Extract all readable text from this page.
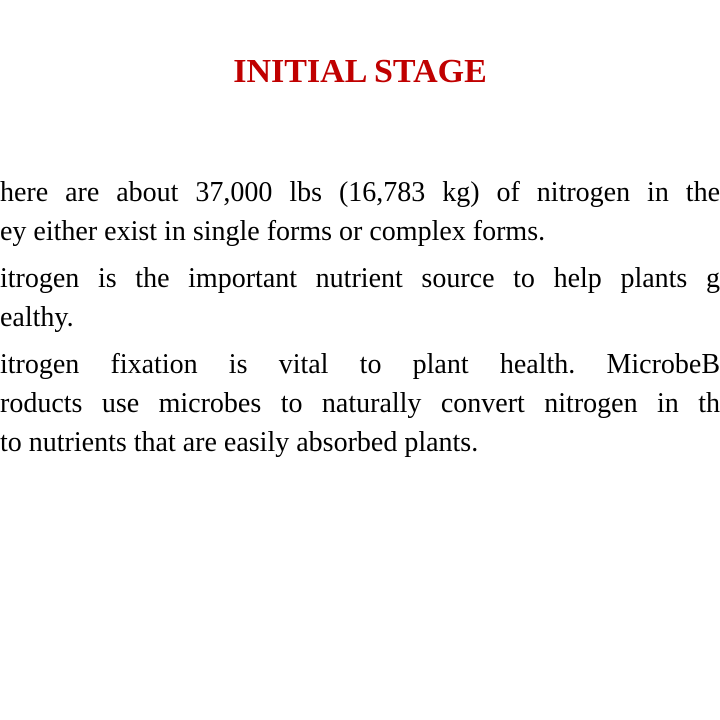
INITIAL STAGE
here are about 37,000 lbs (16,783 kg) of nitrogen in the
ey either exist in single forms or complex forms.
itrogen is the important nutrient source to help plants g
ealthy.
itrogen fixation is vital to plant health. MicrobeB
roducts use microbes to naturally convert nitrogen in th
to nutrients that are easily absorbed plants.
